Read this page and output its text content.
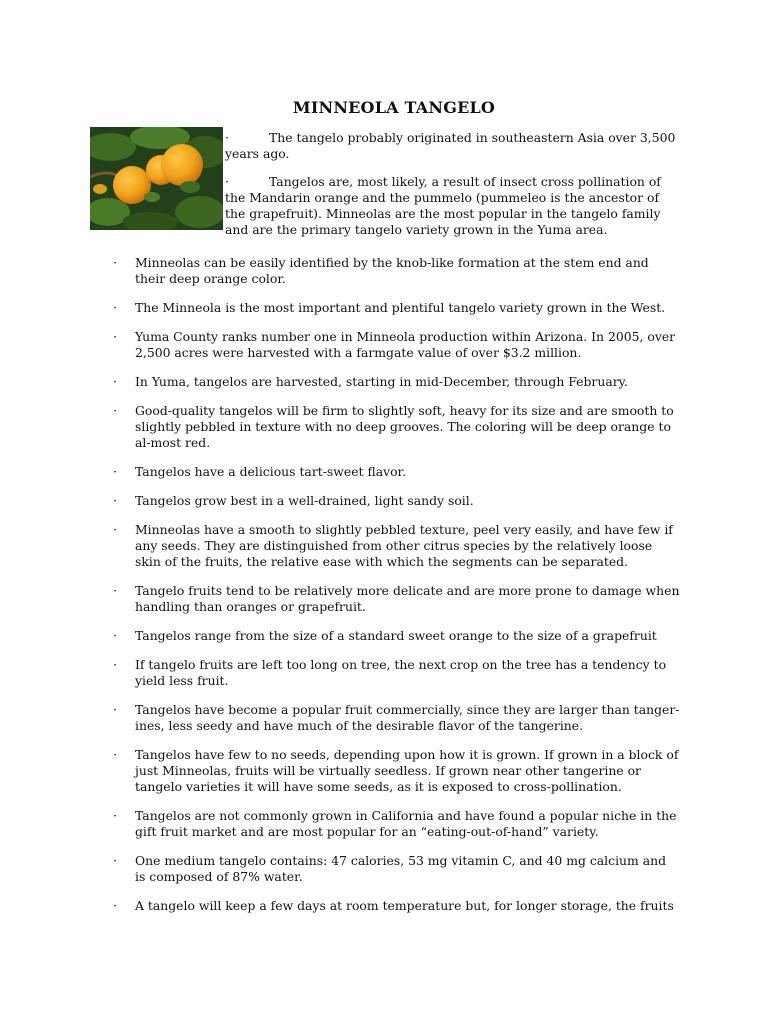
MINNEOLA TANGELO

·	The tangelo probably originated in southeastern Asia over 3,500 years ago.

·	Tangelos are, most likely, a result of insect cross pollination of the Mandarin orange and the pummelo (pummeleo is the ancestor of the grapefruit). Minneolas are the most popular in the tangelo family and are the primary tangelo variety grown in the Yuma area.

· Minneolas can be easily identified by the knob-like formation at the stem end and their deep orange color.
· The Minneola is the most important and plentiful tangelo variety grown in the West.
· Yuma County ranks number one in Minneola production within Arizona. In 2005, over 2,500 acres were harvested with a farmgate value of over $3.2 million.
· In Yuma, tangelos are harvested, starting in mid-December, through February.
· Good-quality tangelos will be firm to slightly soft, heavy for its size and are smooth to slightly pebbled in texture with no deep grooves. The coloring will be deep orange to al-most red.
· Tangelos have a delicious tart-sweet flavor.
· Tangelos grow best in a well-drained, light sandy soil.
· Minneolas have a smooth to slightly pebbled texture, peel very easily, and have few if any seeds. They are distinguished from other citrus species by the relatively loose skin of the fruits, the relative ease with which the segments can be separated.
· Tangelo fruits tend to be relatively more delicate and are more prone to damage when handling than oranges or grapefruit.
· Tangelos range from the size of a standard sweet orange to the size of a grapefruit
· If tangelo fruits are left too long on tree, the next crop on the tree has a tendency to yield less fruit.
· Tangelos have become a popular fruit commercially, since they are larger than tanger-ines, less seedy and have much of the desirable flavor of the tangerine.
· Tangelos have few to no seeds, depending upon how it is grown. If grown in a block of just Minneolas, fruits will be virtually seedless. If grown near other tangerine or tangelo varieties it will have some seeds, as it is exposed to cross-pollination.
· Tangelos are not commonly grown in California and have found a popular niche in the gift fruit market and are most popular for an “eating-out-of-hand” variety.
· One medium tangelo contains: 47 calories, 53 mg vitamin C, and 40 mg calcium and is composed of 87% water.
· A tangelo will keep a few days at room temperature but, for longer storage, the fruits
